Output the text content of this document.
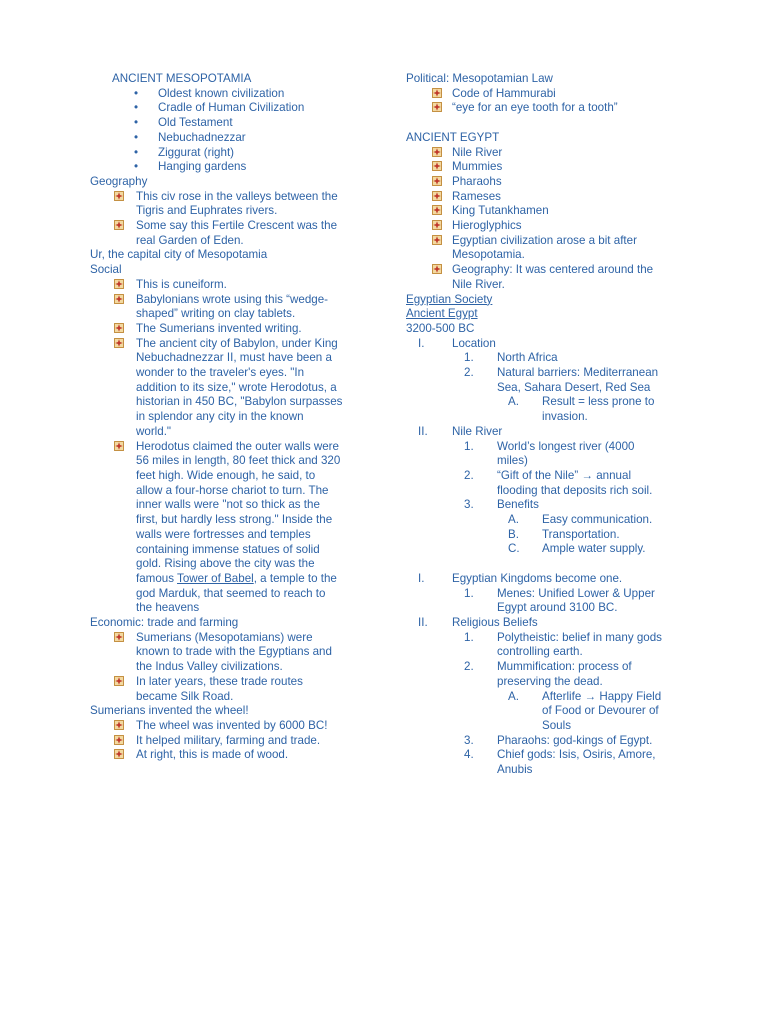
ANCIENT MESOPOTAMIA
• Oldest known civilization
• Cradle of Human Civilization
• Old Testament
• Nebuchadnezzar
• Ziggurat (right)
• Hanging gardens
Geography
This civ rose in the valleys between the
Tigris and Euphrates rivers.
Some say this Fertile Crescent was the
real Garden of Eden.
Ur, the capital city of Mesopotamia
Social
This is cuneiform.
Babylonians wrote using this “wedge-
shaped” writing on clay tablets.
The Sumerians invented writing.
The ancient city of Babylon, under King
Nebuchadnezzar II, must have been a
wonder to the traveler's eyes. "In
addition to its size," wrote Herodotus, a
historian in 450 BC, "Babylon surpasses
in splendor any city in the known
world."
Herodotus claimed the outer walls were
56 miles in length, 80 feet thick and 320
feet high. Wide enough, he said, to
allow a four-horse chariot to turn. The
inner walls were "not so thick as the
first, but hardly less strong." Inside the
walls were fortresses and temples
containing immense statues of solid
gold. Rising above the city was the
famous Tower of Babel, a temple to the
god Marduk, that seemed to reach to
the heavens
Economic: trade and farming
Sumerians (Mesopotamians) were
known to trade with the Egyptians and
the Indus Valley civilizations.
In later years, these trade routes
became Silk Road.
Sumerians invented the wheel!
The wheel was invented by 6000 BC!
It helped military, farming and trade.
At right, this is made of wood.
Political: Mesopotamian Law
Code of Hammurabi
“eye for an eye tooth for a tooth”
ANCIENT EGYPT
Nile River
Mummies
Pharaohs
Rameses
King Tutankhamen
Hieroglyphics
Egyptian civilization arose a bit after
Mesopotamia.
Geography: It was centered around the
Nile River.
Egyptian Society
Ancient Egypt
3200-500 BC
I. Location
1. North Africa
2. Natural barriers: Mediterranean
Sea, Sahara Desert, Red Sea
A. Result = less prone to
invasion.
II. Nile River
1. World’s longest river (4000
miles)
2. “Gift of the Nile” → annual
flooding that deposits rich soil.
3. Benefits
A. Easy communication.
B. Transportation.
C. Ample water supply.
I. Egyptian Kingdoms become one.
1. Menes: Unified Lower & Upper
Egypt around 3100 BC.
II. Religious Beliefs
1. Polytheistic: belief in many gods
controlling earth.
2. Mummification: process of
preserving the dead.
A. Afterlife → Happy Field
of Food or Devourer of
Souls
3. Pharaohs: god-kings of Egypt.
4. Chief gods: Isis, Osiris, Amore,
Anubis
